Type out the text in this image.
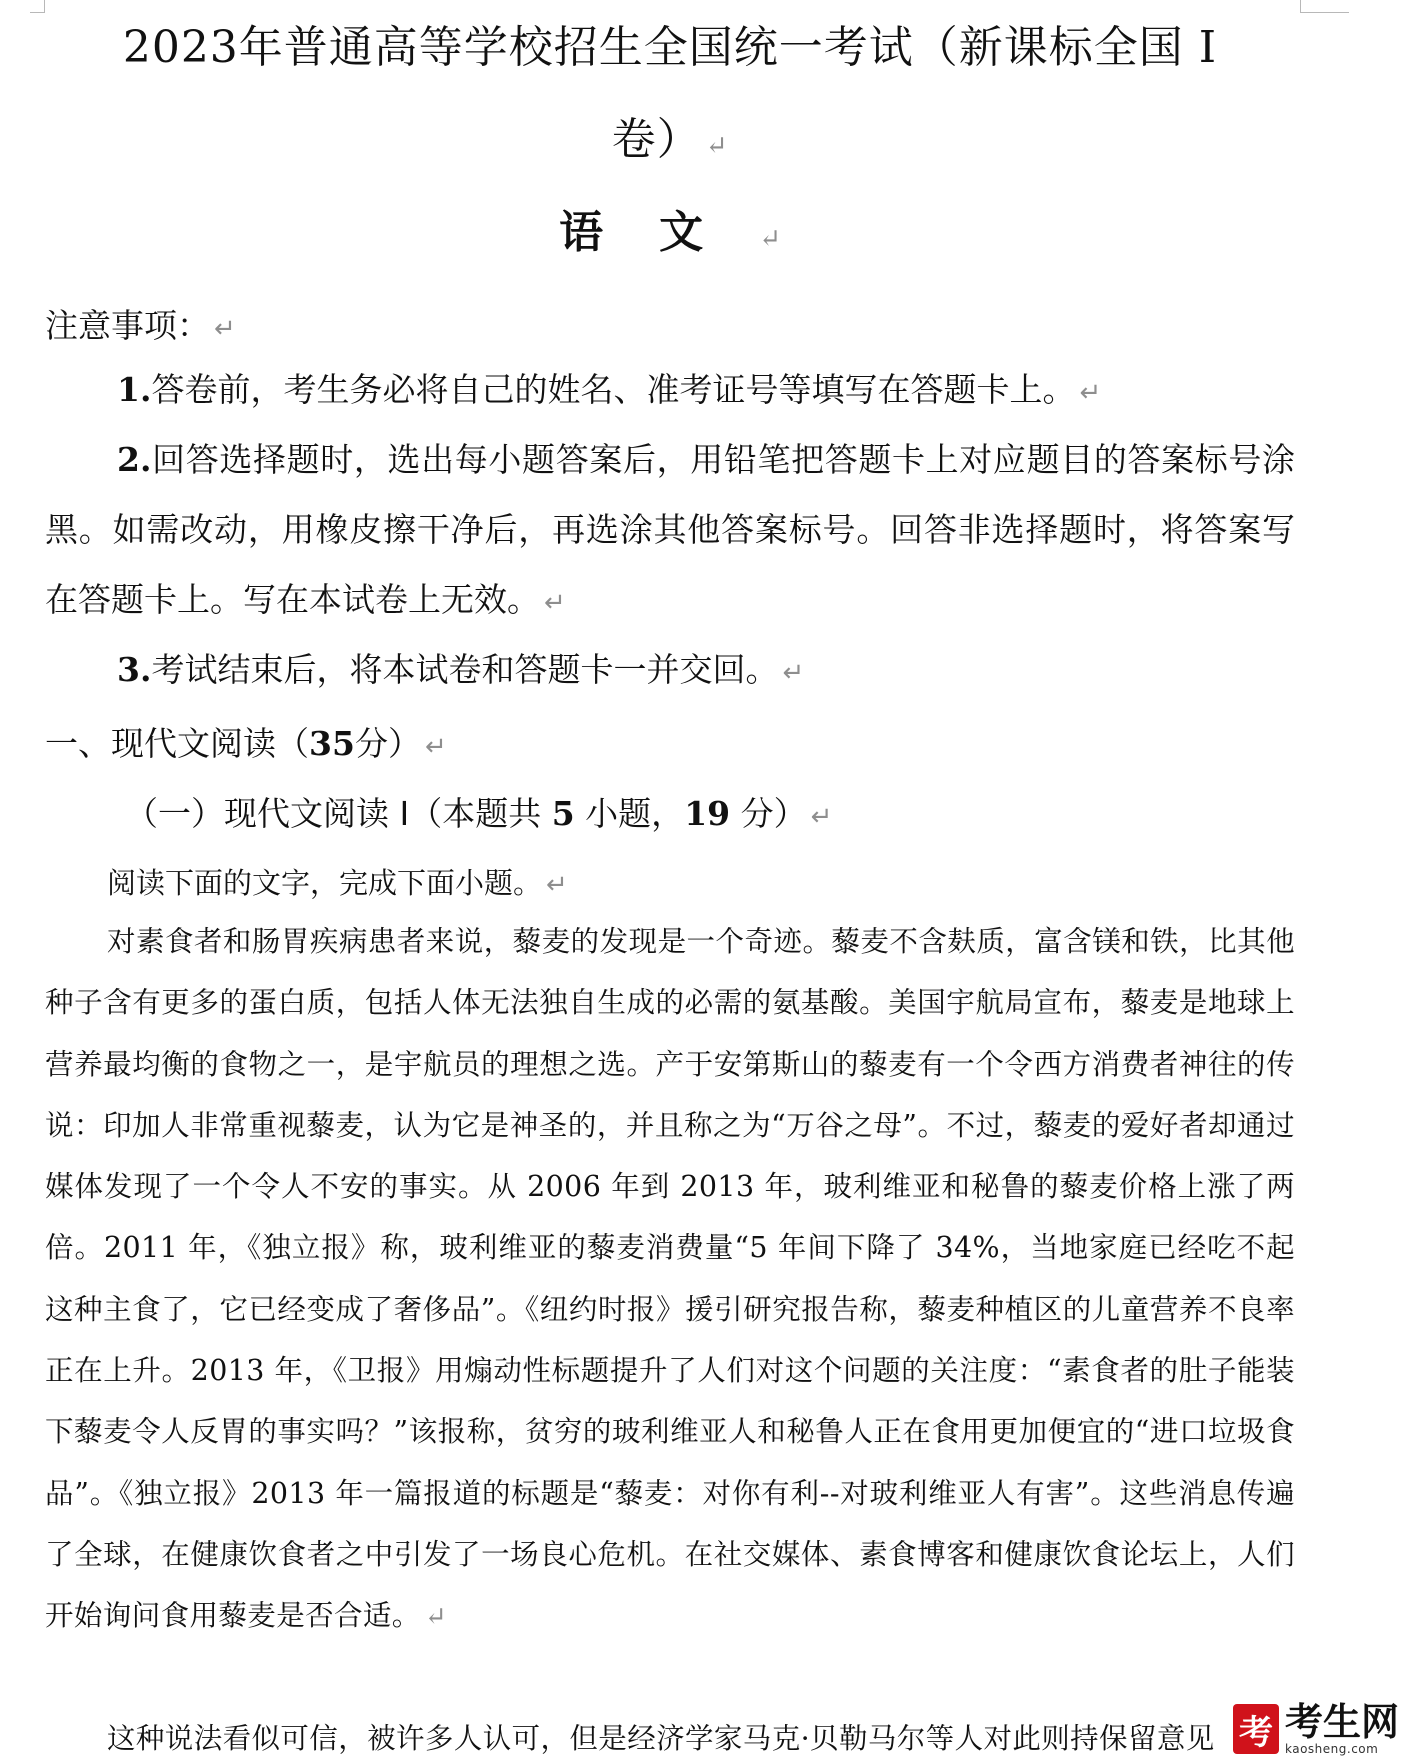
2023年普通高等学校招生全国统一考试（新课标全国 I
卷） ↵
语 文 ↵
注意事项： ↵
1.答卷前，考生务必将自己的姓名、准考证号等填写在答题卡上。 ↵
2.回答选择题时，选出每小题答案后，用铅笔把答题卡上对应题目的答案标号涂黑。如需改动，用橡皮擦干净后，再选涂其他答案标号。回答非选择题时，将答案写在答题卡上。写在本试卷上无效。 ↵
3.考试结束后，将本试卷和答题卡一并交回。 ↵
一、现代文阅读（35分） ↵
（一）现代文阅读 I（本题共 5 小题，19 分） ↵
阅读下面的文字，完成下面小题。 ↵
对素食者和肠胃疾病患者来说，藜麦的发现是一个奇迹。藜麦不含麸质，富含镁和铁，比其他种子含有更多的蛋白质，包括人体无法独自生成的必需的氨基酸。美国宇航局宣布，藜麦是地球上营养最均衡的食物之一，是宇航员的理想之选。产于安第斯山的藜麦有一个令西方消费者神往的传说：印加人非常重视藜麦，认为它是神圣的，并且称之为“万谷之母”。不过，藜麦的爱好者却通过媒体发现了一个令人不安的事实。从 2006 年到 2013 年，玻利维亚和秘鲁的藜麦价格上涨了两倍。2011 年，《独立报》称，玻利维亚的藜麦消费量“5 年间下降了 34%，当地家庭已经吃不起这种主食了，它已经变成了奢侈品”。《纽约时报》援引研究报告称，藜麦种植区的儿童营养不良率正在上升。2013 年，《卫报》用煽动性标题提升了人们对这个问题的关注度：“素食者的肚子能装下藜麦令人反胃的事实吗？”该报称，贫穷的玻利维亚人和秘鲁人正在食用更加便宜的“进口垃圾食品”。《独立报》2013 年一篇报道的标题是“藜麦：对你有利--对玻利维亚人有害”。这些消息传遍了全球，在健康饮食者之中引发了一场良心危机。在社交媒体、素食博客和健康饮食论坛上，人们开始询问食用藜麦是否合适。 ↵
这种说法看似可信，被许多人认可，但是经济学家马克·贝勒马尔等人对此则持保留意见 考 考生网
kaosheng.com
